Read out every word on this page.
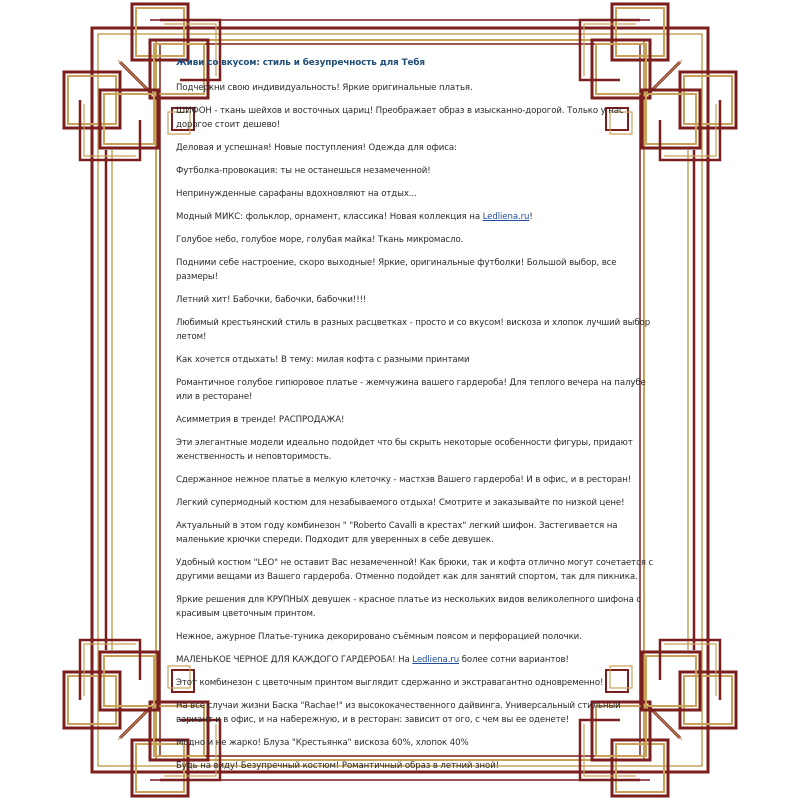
Живи со вкусом: стиль и безупречность для Тебя

Подчеркни свою индивидуальность! Яркие оригинальные платья.

ШИФОН - ткань шейхов и восточных цариц! Преображает образ в изысканно-дорогой. Только у нас дорогое стоит дешево!

Деловая и успешная! Новые поступления! Одежда для офиса:

Футболка-провокация: ты не останешься незамеченной!

Непринужденные сарафаны вдохновляют на отдых...

Модный МИКС: фольклор, орнамент, классика! Новая коллекция на Ledliena.ru!

Голубое небо, голубое море, голубая майка! Ткань микромасло.

Подними себе настроение, скоро выходные! Яркие, оригинальные футболки! Большой выбор, все размеры!

Летний хит! Бабочки, бабочки, бабочки!!!!

Любимый крестьянский стиль в разных расцветках - просто и со вкусом! вискоза и хлопок лучший выбор летом!

Как хочется отдыхать! В тему: милая кофта с разными принтами

Романтичное голубое гипюровое платье - жемчужина вашего гардероба! Для теплого вечера на палубе или в ресторане!

Асимметрия в тренде! РАСПРОДАЖА!

Эти элегантные модели идеально подойдет что бы скрыть некоторые особенности фигуры, придают женственность и неповторимость.

Сдержанное нежное платье в мелкую клеточку - мастхэв Вашего гардероба! И в офис, и в ресторан!

Легкий супермодный костюм для незабываемого отдыха! Смотрите и заказывайте по низкой цене!

Актуальный в этом году комбинезон " "Roberto Cavalli в крестах" легкий шифон. Застегивается на маленькие крючки спереди. Подходит для уверенных в себе девушек.

Удобный костюм "LEO" не оставит Вас незамеченной! Как брюки, так и кофта отлично могут сочетается с другими вещами из Вашего гардероба. Отменно подойдет как для занятий спортом, так для пикника.

Яркие решения для КРУПНЫХ девушек - красное платье из нескольких видов великолепного шифона с красивым цветочным принтом.

Нежное, ажурное Платье-туника декорировано съёмным поясом и перфорацией полочки.

МАЛЕНЬКОЕ ЧЕРНОЕ ДЛЯ КАЖДОГО ГАРДЕРОБА! На Ledliena.ru более сотни вариантов!

Этот комбинезон с цветочным принтом выглядит сдержанно и экстравагантно одновременно!

На все случаи жизни Баска "Rachae!" из высококачественного дайвинга. Универсальный стильный вариант и в офис, и на набережную, и в ресторан: зависит от ого, с чем вы ее оденете!

Модно и не жарко! Блуза "Крестьянка" вискоза 60%, хлопок 40%

Будь на виду! Безупречный костюм! Романтичный образ в летний зной!
